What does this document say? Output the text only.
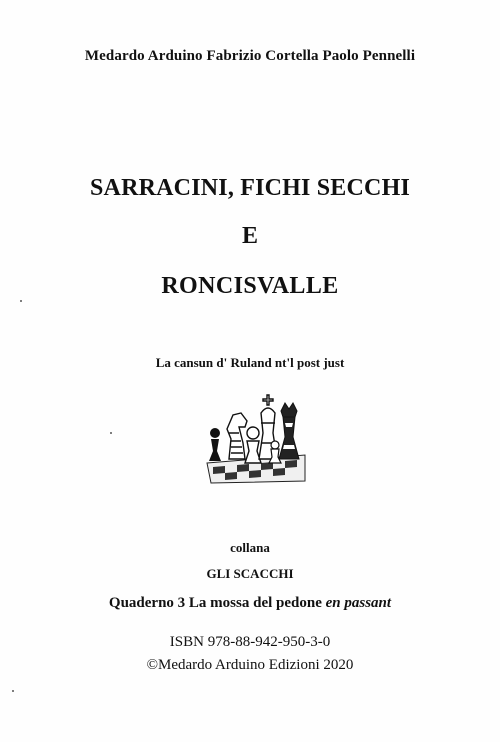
Medardo Arduino Fabrizio Cortella Paolo Pennelli
SARRACINI, FICHI SECCHI
E
RONCISVALLE
La cansun d' Ruland nt'l post just
collana
GLI SCACCHI
Quaderno 3 La mossa del pedone en passant
ISBN 978-88-942-950-3-0
©Medardo Arduino Edizioni 2020
